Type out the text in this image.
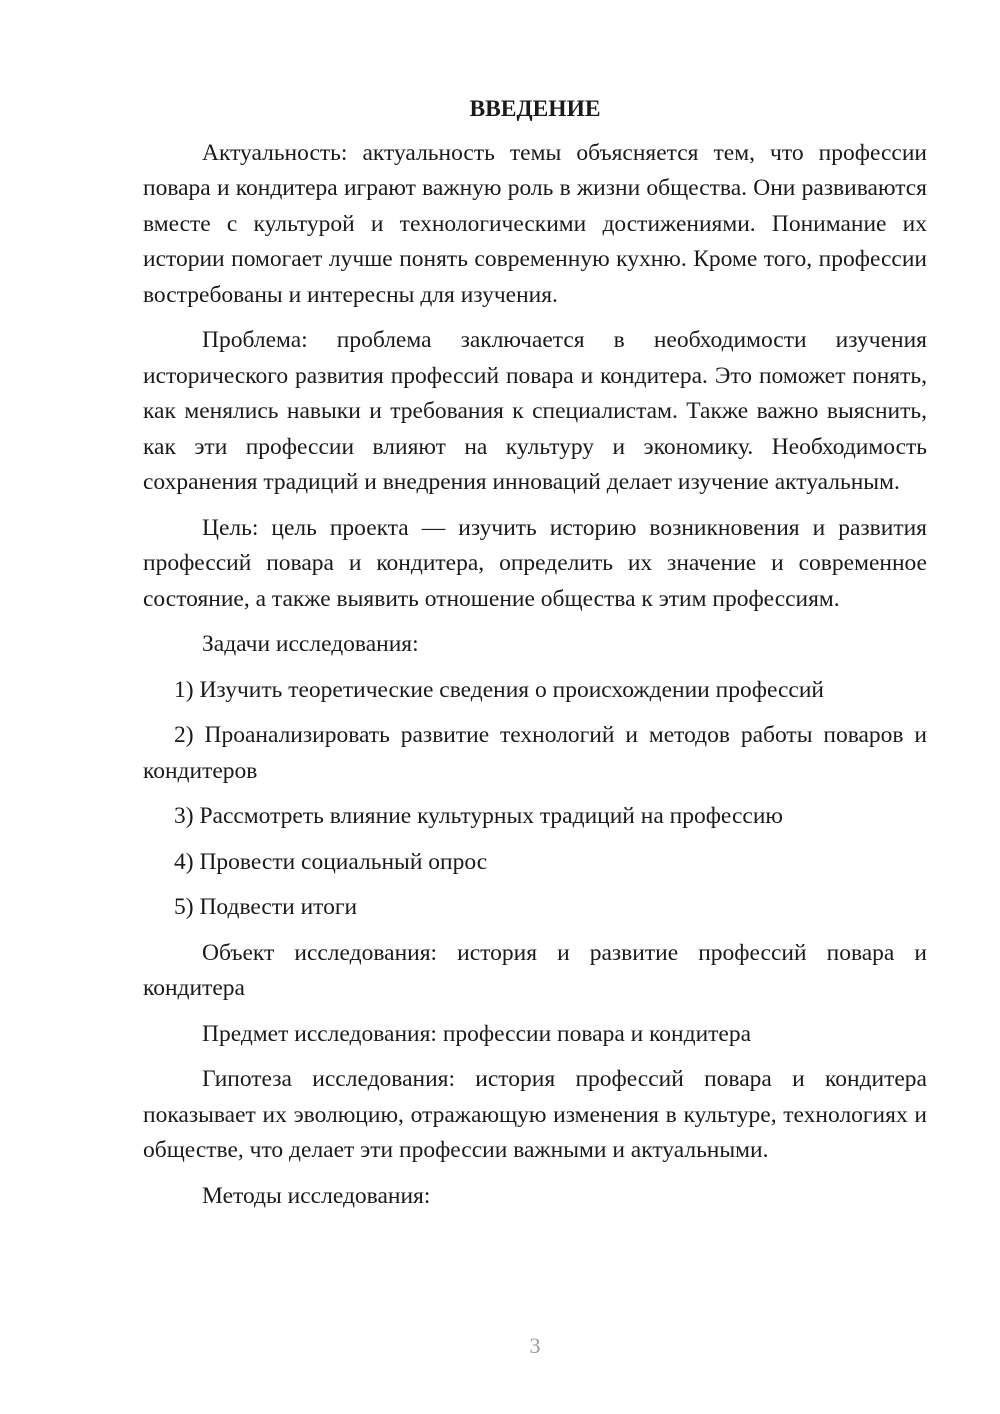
ВВЕДЕНИЕ

Актуальность: актуальность темы объясняется тем, что профессии повара и кондитера играют важную роль в жизни общества. Они развиваются вместе с культурой и технологическими достижениями. Понимание их истории помогает лучше понять современную кухню. Кроме того, профессии востребованы и интересны для изучения.

Проблема: проблема заключается в необходимости изучения исторического развития профессий повара и кондитера. Это поможет понять, как менялись навыки и требования к специалистам. Также важно выяснить, как эти профессии влияют на культуру и экономику. Необходимость сохранения традиций и внедрения инноваций делает изучение актуальным.

Цель: цель проекта — изучить историю возникновения и развития профессий повара и кондитера, определить их значение и современное состояние, а также выявить отношение общества к этим профессиям.

Задачи исследования:

1) Изучить теоретические сведения о происхождении профессий

2) Проанализировать развитие технологий и методов работы поваров и кондитеров

3) Рассмотреть влияние культурных традиций на профессию

4) Провести социальный опрос

5) Подвести итоги

Объект исследования: история и развитие профессий повара и кондитера

Предмет исследования: профессии повара и кондитера

Гипотеза исследования: история профессий повара и кондитера показывает их эволюцию, отражающую изменения в культуре, технологиях и обществе, что делает эти профессии важными и актуальными.

Методы исследования:

3
